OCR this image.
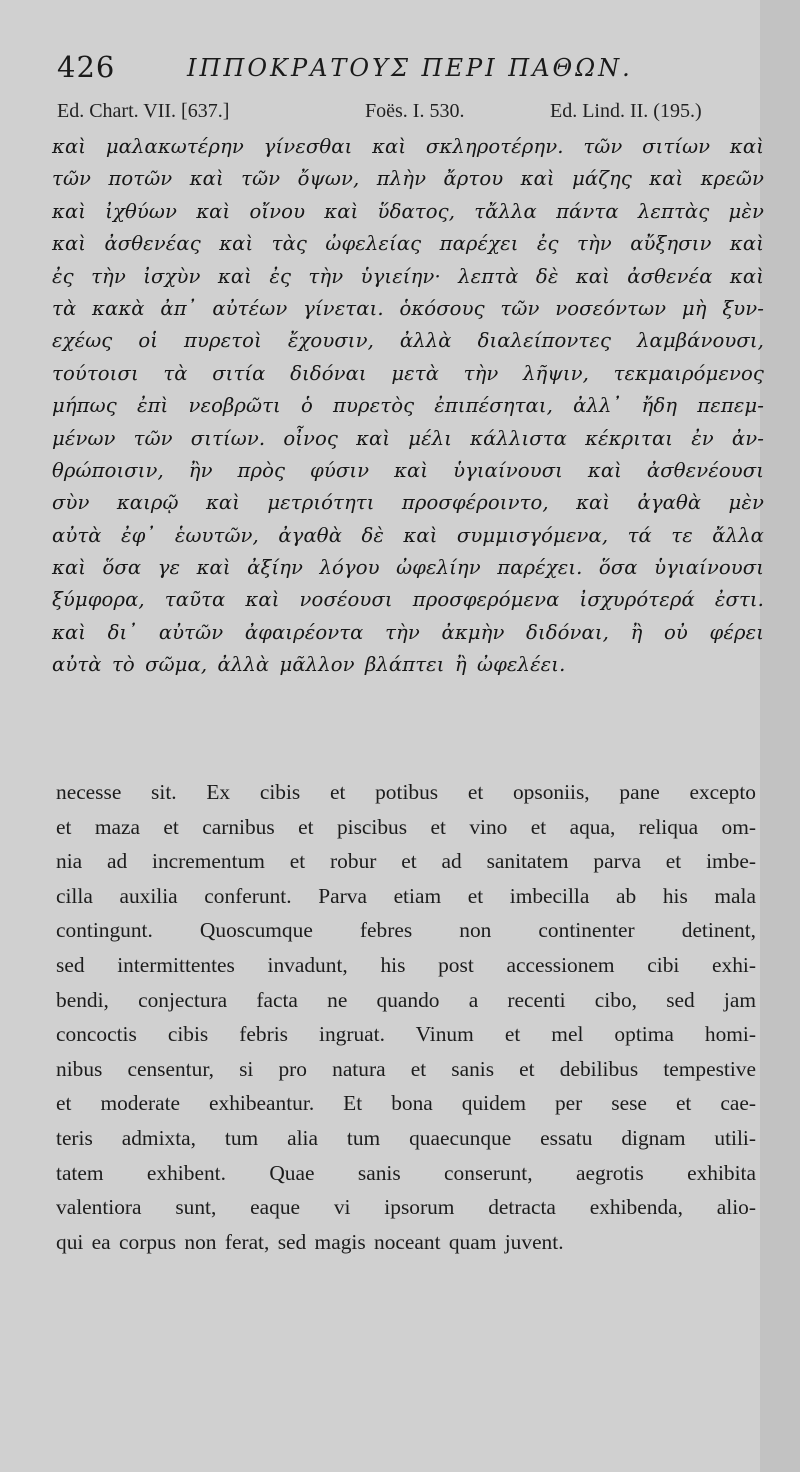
426	ΙΠΠΟΚΡΑΤΟΥΣ ΠΕΡΙ ΠΑΘΩΝ.
Ed. Chart. VII. [637.]	Foës. I. 530.	Ed. Lind. II. (195.)
καὶ μαλακωτέρην γίνεσθαι καὶ σκληροτέρην. τῶν σιτίων καὶ
τῶν ποτῶν καὶ τῶν ὄψων, πλὴν ἄρτου καὶ μάζης καὶ κρεῶν
καὶ ἰχθύων καὶ οἴνου καὶ ὕδατος, τἄλλα πάντα λεπτὰς μὲν
καὶ ἀσθενέας καὶ τὰς ὠφελείας παρέχει ἐς τὴν αὔξησιν καὶ
ἐς τὴν ἰσχὺν καὶ ἐς τὴν ὑγιείην· λεπτὰ δὲ καὶ ἀσθενέα καὶ
τὰ κακὰ ἀπ᾽ αὐτέων γίνεται. ὁκόσους τῶν νοσεόντων μὴ ξυν-
εχέως οἱ πυρετοὶ ἔχουσιν, ἀλλὰ διαλείποντες λαμβάνουσι,
τούτοισι τὰ σιτία διδόναι μετὰ τὴν λῆψιν, τεκμαιρόμενος
μήπως ἐπὶ νεοβρῶτι ὁ πυρετὸς ἐπιπέσηται, ἀλλ᾽ ἤδη πεπεμ-
μένων τῶν σιτίων. οἶνος καὶ μέλι κάλλιστα κέκριται ἐν ἀν-
θρώποισιν, ἢν πρὸς φύσιν καὶ ὑγιαίνουσι καὶ ἀσθενέουσι
σὺν καιρῷ καὶ μετριότητι προσφέροιντο, καὶ ἀγαθὰ μὲν
αὐτὰ ἐφ᾽ ἑωυτῶν, ἀγαθὰ δὲ καὶ συμμισγόμενα, τά τε ἄλλα
καὶ ὅσα γε καὶ ἀξίην λόγου ὠφελίην παρέχει. ὅσα ὑγιαίνουσι
ξύμφορα, ταῦτα καὶ νοσέουσι προσφερόμενα ἰσχυρότερά ἐστι.
καὶ δι᾽ αὐτῶν ἀφαιρέοντα τὴν ἀκμὴν διδόναι, ἢ οὐ φέρει
αὐτὰ τὸ σῶμα, ἀλλὰ μᾶλλον βλάπτει ἢ ὠφελέει.
necesse sit. Ex cibis et potibus et opsoniis, pane excepto
et maza et carnibus et piscibus et vino et aqua, reliqua om-
nia ad incrementum et robur et ad sanitatem parva et imbe-
cilla auxilia conferunt. Parva etiam et imbecilla ab his mala
contingunt. Quoscumque febres non continenter detinent,
sed intermittentes invadunt, his post accessionem cibi exhi-
bendi, conjectura facta ne quando a recenti cibo, sed jam
concoctis cibis febris ingruat. Vinum et mel optima homi-
nibus censentur, si pro natura et sanis et debilibus tempestive
et moderate exhibeantur. Et bona quidem per sese et cae-
teris admixta, tum alia tum quaecunque essatu dignam utili-
tatem exhibent. Quae sanis conserunt, aegrotis exhibita
valentiora sunt, eaque vi ipsorum detracta exhibenda, alio-
qui ea corpus non ferat, sed magis noceant quam juvent.
